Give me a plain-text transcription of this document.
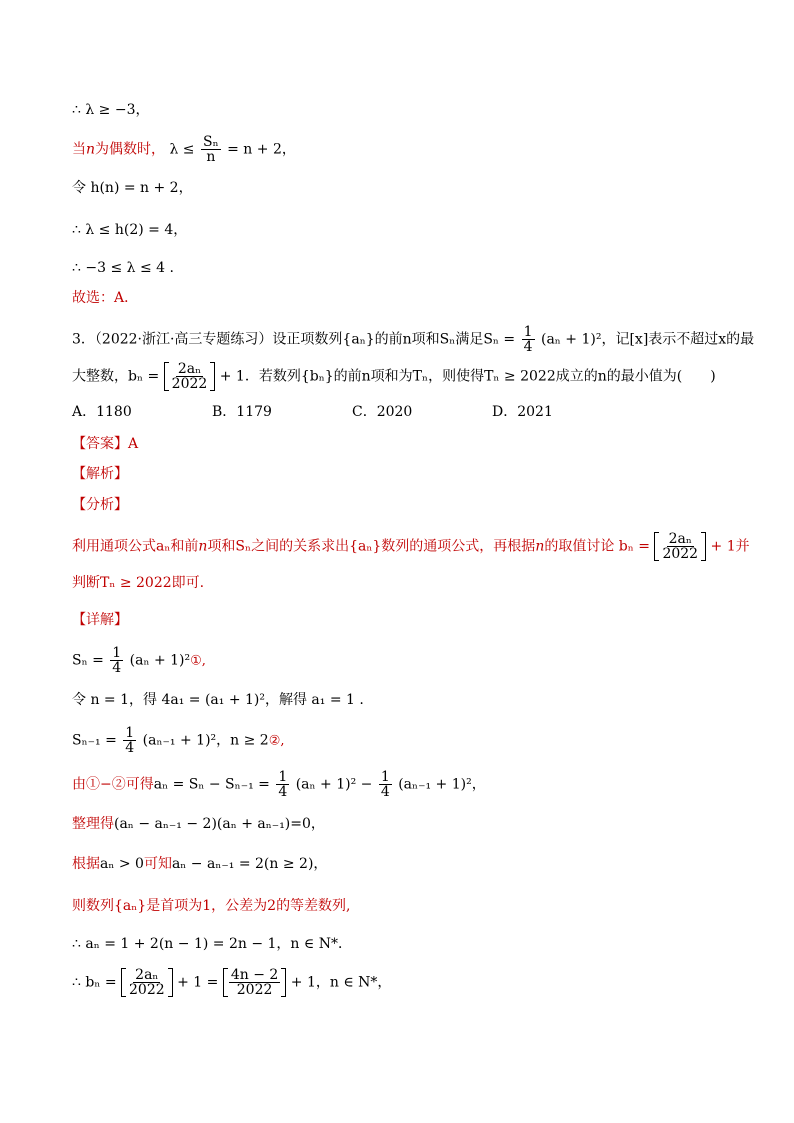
∴ λ ≥ −3，
当n为偶数时， $\lambda \le \frac{\text{Sₙ}}{n} = n + 2$，
令 h(n) = n + 2，
∴ λ ≤ h(2) = 4，
∴ −3 ≤ λ ≤ 4 .
故选：A．
3．（2022·浙江·高三专题练习）设正项数列{aₙ}的前n项和Sₙ满足$S_n = \frac{1}{4} (a_n + 1)^2$，记[x]表示不超过x的最
大整数，$b_n = \frac{\text{2aₙ}}{2022} + 1$．若数列{bₙ}的前n项和为Tₙ，则使得Tₙ ≥ 2022成立的n的最小值为(　　)
A．1180	B．1179	C．2020	D．2021
【答案】A
【解析】
【分析】
利用通项公式aₙ和前n项和Sₙ之间的关系求出{aₙ}数列的通项公式，再根据n的取值讨论 $b_n = \frac{\text{2aₙ}}{2022} + 1$并
判断Tₙ ≥ 2022即可.
【详解】
$S_n = \frac{1}{4} (a_n$ + 1)²①,
令 n = 1，得 4a₁ = (a₁ + 1)²，解得 a₁ = 1 .
$S_{n-1} = \frac{1}{4} (a_{n-1} + 1)^2$，n ≥ 2②,
由①−②可得$a_n = S_n - S_{n-1} = \frac{1}{4} (a_n + 1)^2 - \frac{1}{4} (a_{n-1} + 1)^2$，
整理得(aₙ − aₙ₋₁ − 2)(aₙ + aₙ₋₁)=0，
根据aₙ > 0可知aₙ − aₙ₋₁ = 2(n ≥ 2)，
则数列{aₙ}是首项为1，公差为2的等差数列,
∴ aₙ = 1 + 2(n − 1) = 2n − 1，n ∈ N*．
∴ $b_n = \frac{\text{2aₙ}}{2022} + 1 = \frac{4n - 2}{2022} + 1$，n ∈ N*，
